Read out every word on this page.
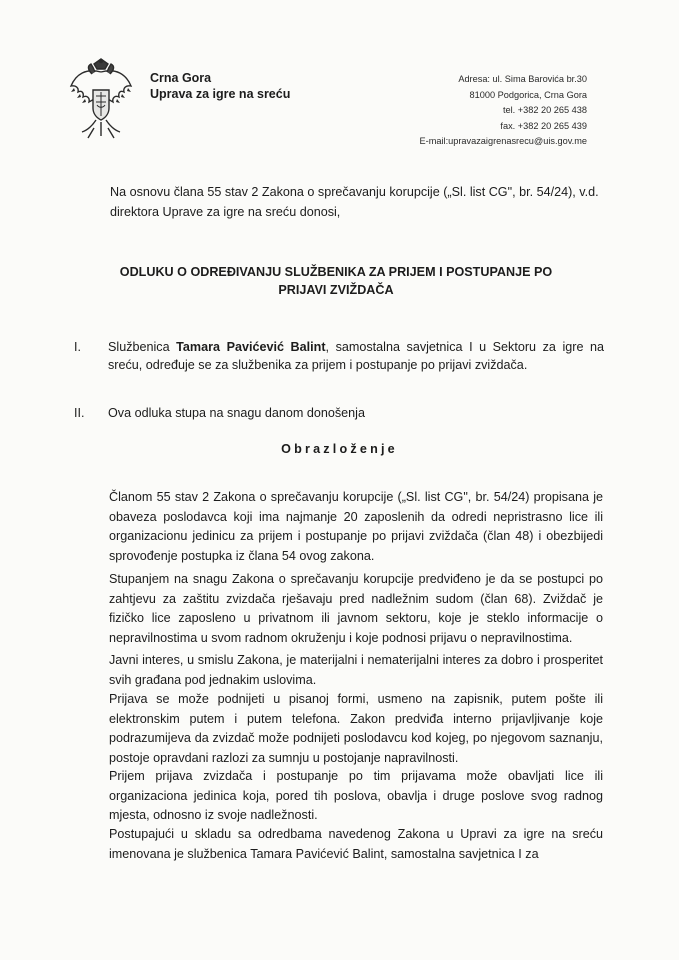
Crna Gora
Uprava za igre na sreću
Adresa: ul. Sima Barovića br.30
81000 Podgorica, Crna Gora
tel. +382 20 265 438
fax. +382 20 265 439
E-mail:upravazaigrenasrecu@uis.gov.me
Na osnovu člana 55 stav 2 Zakona o sprečavanju korupcije („Sl. list CG", br. 54/24), v.d. direktora Uprave za igre na sreću donosi,
ODLUKU O ODREĐIVANJU SLUŽBENIKA ZA PRIJEM I POSTUPANJE PO PRIJAVI ZVIŽDAČA
I.	Službenica Tamara Pavićević Balint, samostalna savjetnica I u Sektoru za igre na sreću, određuje se za službenika za prijem i postupanje po prijavi zviždača.
II.	Ova odluka stupa na snagu danom donošenja
Obrazloženje
Članom 55 stav 2 Zakona o sprečavanju korupcije („Sl. list CG", br. 54/24) propisana je obaveza poslodavca koji ima najmanje 20 zaposlenih da odredi nepristrasno lice ili organizacionu jedinicu za prijem i postupanje po prijavi zviždača (član 48) i obezbijedi sprovođenje postupka iz člana 54 ovog zakona.
Stupanjem na snagu Zakona o sprečavanju korupcije predviđeno je da se postupci po zahtjevu za zaštitu zvizdača rješavaju pred nadležnim sudom (član 68). Zviždač je fizičko lice zaposleno u privatnom ili javnom sektoru, koje je steklo informacije o nepravilnostima u svom radnom okruženju i koje podnosi prijavu o nepravilnostima.
Javni interes, u smislu Zakona, je materijalni i nematerijalni interes za dobro i prosperitet svih građana pod jednakim uslovima.
Prijava se može podnijeti u pisanoj formi, usmeno na zapisnik, putem pošte ili elektronskim putem i putem telefona. Zakon predviđa interno prijavljivanje koje podrazumijeva da zvizdač može podnijeti poslodavcu kod kojeg, po njegovom saznanju, postoje opravdani razlozi za sumnju u postojanje napravilnosti.
Prijem prijava zvizdača i postupanje po tim prijavama može obavljati lice ili organizaciona jedinica koja, pored tih poslova, obavlja i druge poslove svog radnog mjesta, odnosno iz svoje nadležnosti.
Postupajući u skladu sa odredbama navedenog Zakona u Upravi za igre na sreću imenovana je službenica Tamara Pavićević Balint, samostalna savjetnica I za
